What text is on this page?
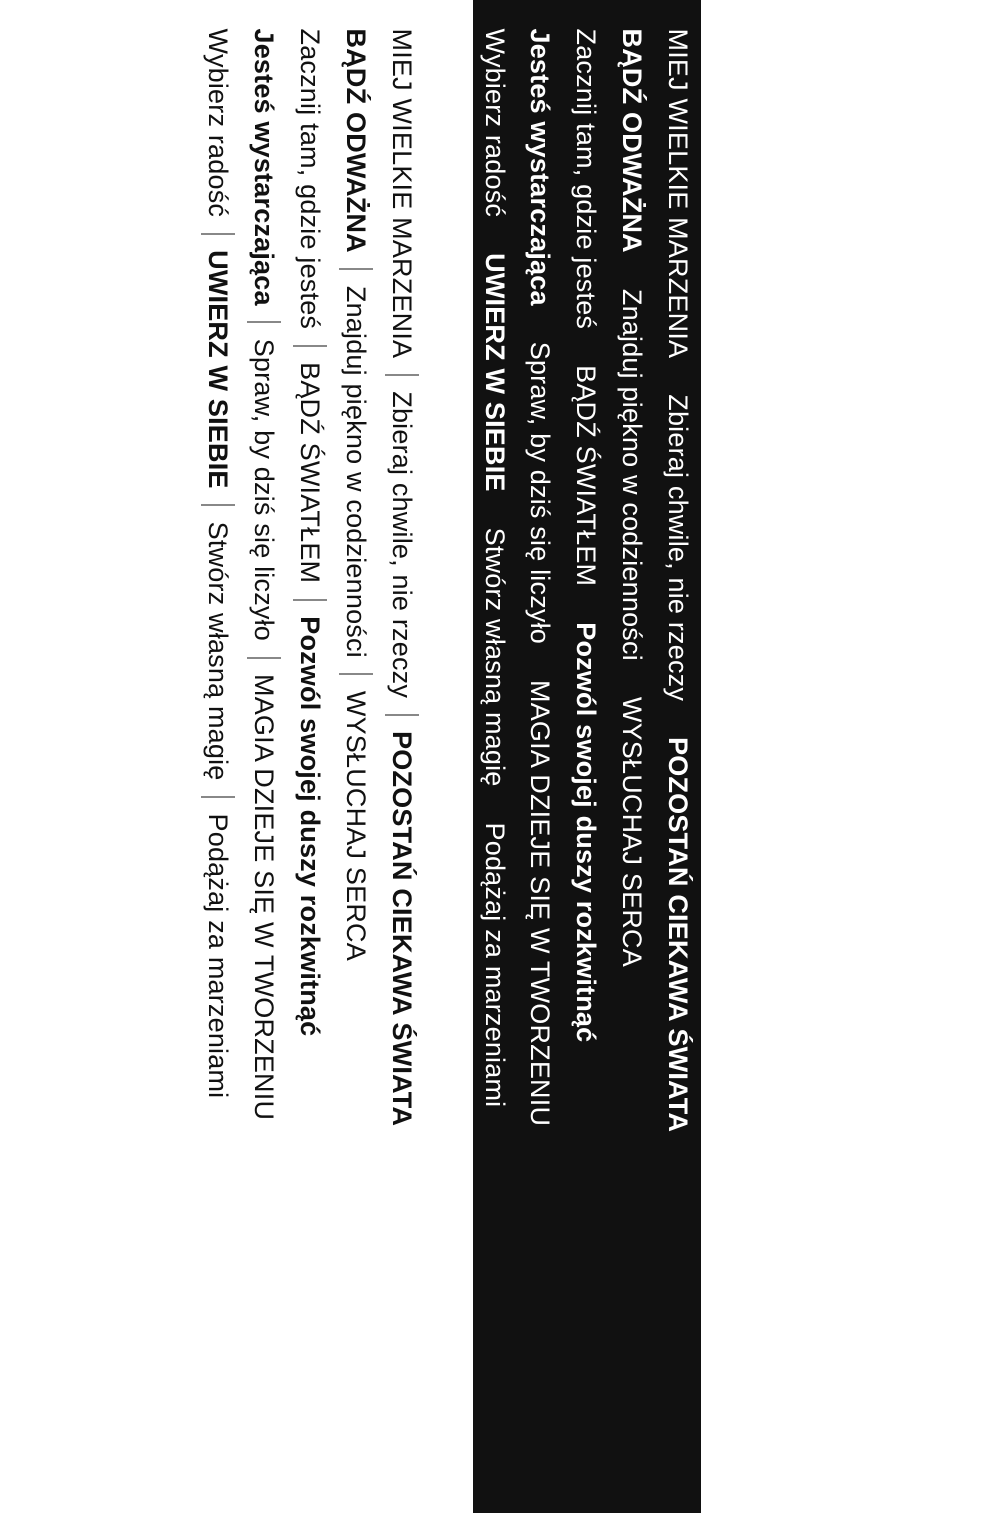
Wybierz radość
UWIERZ W SIEBIE
Stwórz własną magię
Podążaj za marzeniami
Jesteś wystarczająca
Spraw, by dziś się liczyło
MAGIA DZIEJE SIĘ W TWORZENIU
Zacznij tam, gdzie jesteś
BĄDŹ ŚWIATŁEM
Pozwól swojej duszy rozkwitnąć
BĄDŹ ODWAŻNA
Znajduj piękno w codzienności
WYSŁUCHAJ SERCA
MIEJ WIELKIE MARZENIA
Zbieraj chwile, nie rzeczy
POZOSTAŃ CIEKAWA ŚWIATA
Wybierz radość
UWIERZ W SIEBIE
Stwórz własną magię
Podążaj za marzeniami
Jesteś wystarczająca
Spraw, by dziś się liczyło
MAGIA DZIEJE SIĘ W TWORZENIU
Zacznij tam, gdzie jesteś
BĄDŹ ŚWIATŁEM
Pozwól swojej duszy rozkwitnąć
BĄDŹ ODWAŻNA
Znajduj piękno w codzienności
WYSŁUCHAJ SERCA
MIEJ WIELKIE MARZENIA
Zbieraj chwile, nie rzeczy
POZOSTAŃ CIEKAWA ŚWIATA
